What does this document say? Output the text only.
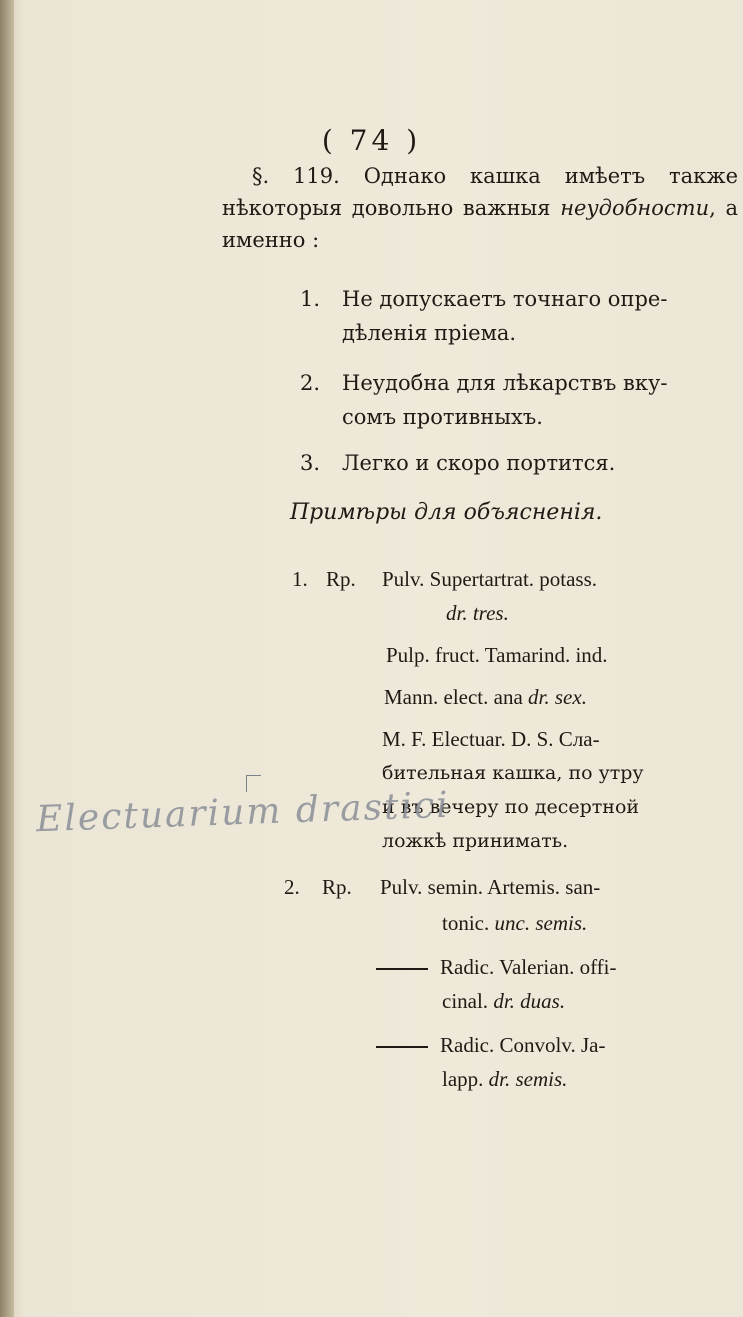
( 74 )
§. 119. Однако кашка имѣетъ также нѣкоторыя довольно важныя неудобности, а именно :
1. Не допускаетъ точнаго опре-
дѣленія пріема.
2. Неудобна для лѣкарствъ вку-
сомъ противныхъ.
3. Легко и скоро портится.
Примѣры для объясненія.
1. Rp. Pulv. Supertartrat. potass.
dr. tres.
Pulp. fruct. Tamarind. ind.
Mann. elect. ana dr. sex.
M. F. Electuar. D. S. Сла-
бительная кашка, по утру
и въ вечеру по десертной
ложкѣ принимать.
2. Rp. Pulv. semin. Artemis. san-
tonic. unc. semis.
Radic. Valerian. offi-
cinal. dr. duas.
Radic. Convolv. Ja-
lapp. dr. semis.
Electuarium drastici
